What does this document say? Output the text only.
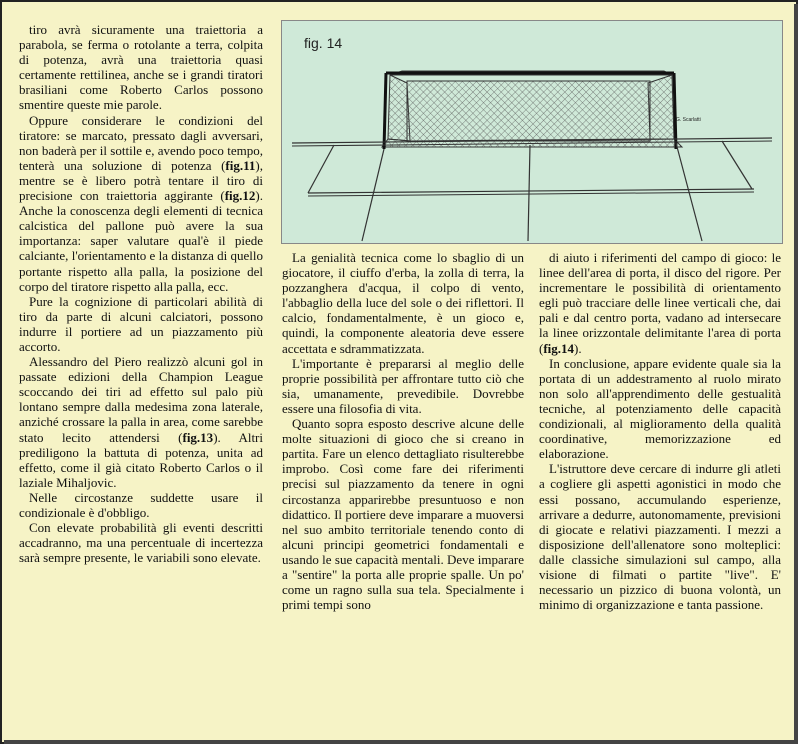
tiro avrà sicuramente una traiettoria a parabola, se ferma o rotolante a terra, colpita di potenza, avrà una traiettoria quasi certamente rettilinea, anche se i grandi tiratori brasiliani come Roberto Carlos possono smentire queste mie parole.

Oppure considerare le condizioni del tiratore: se marcato, pressato dagli avversari, non baderà per il sottile e, avendo poco tempo, tenterà una soluzione di potenza (fig.11), mentre se è libero potrà tentare il tiro di precisione con traiettoria aggirante (fig.12). Anche la conoscenza degli elementi di tecnica calcistica del pallone può avere la sua importanza: saper valutare qual'è il piede calciante, l'orientamento e la distanza di quello portante rispetto alla palla, la posizione del corpo del tiratore rispetto alla palla, ecc.

Pure la cognizione di particolari abilità di tiro da parte di alcuni calciatori, possono indurre il portiere ad un piazzamento più accorto.

Alessandro del Piero realizzò alcuni gol in passate edizioni della Champion League scoccando dei tiri ad effetto sul palo più lontano sempre dalla medesima zona laterale, anziché crossare la palla in area, come sarebbe stato lecito attendersi (fig.13). Altri prediligono la battuta di potenza, unita ad effetto, come il già citato Roberto Carlos o il laziale Mihaljovic.

Nelle circostanze suddette usare il condizionale è d'obbligo.

Con elevate probabilità gli eventi descritti accadranno, ma una percentuale di incertezza sarà sempre presente, le variabili sono elevate.

G. Scarlatti
fig. 14

La genialità tecnica come lo sbaglio di un giocatore, il ciuffo d'erba, la zolla di terra, la pozzanghera d'acqua, il colpo di vento, l'abbaglio della luce del sole o dei riflettori. Il calcio, fondamentalmente, è un gioco e, quindi, la componente aleatoria deve essere accettata e sdrammatizzata.

L'importante è prepararsi al meglio delle proprie possibilità per affrontare tutto ciò che sia, umanamente, prevedibile. Dovrebbe essere una filosofia di vita.

Quanto sopra esposto descrive alcune delle molte situazioni di gioco che si creano in partita. Fare un elenco dettagliato risulterebbe improbo. Così come fare dei riferimenti precisi sul piazzamento da tenere in ogni circostanza apparirebbe presuntuoso e non didattico. Il portiere deve imparare a muoversi nel suo ambito territoriale tenendo conto di alcuni principi geometrici fondamentali e usando le sue capacità mentali. Deve imparare a "sentire" la porta alle proprie spalle. Un po' come un ragno sulla sua tela. Specialmente i primi tempi sono

di aiuto i riferimenti del campo di gioco: le linee dell'area di porta, il disco del rigore. Per incrementare le possibilità di orientamento egli può tracciare delle linee verticali che, dai pali e dal centro porta, vadano ad intersecare la linee orizzontale delimitante l'area di porta (fig.14).

In conclusione, appare evidente quale sia la portata di un addestramento al ruolo mirato non solo all'apprendimento delle gestualità tecniche, al potenziamento delle capacità condizionali, al miglioramento della qualità coordinative, memorizzazione ed elaborazione.

L'istruttore deve cercare di indurre gli atleti a cogliere gli aspetti agonistici in modo che essi possano, accumulando esperienze, arrivare a dedurre, autonomamente, previsioni di giocate e relativi piazzamenti. I mezzi a disposizione dell'allenatore sono molteplici: dalle classiche simulazioni sul campo, alla visione di filmati o partite "live". E' necessario un pizzico di buona volontà, un minimo di organizzazione e tanta passione.
